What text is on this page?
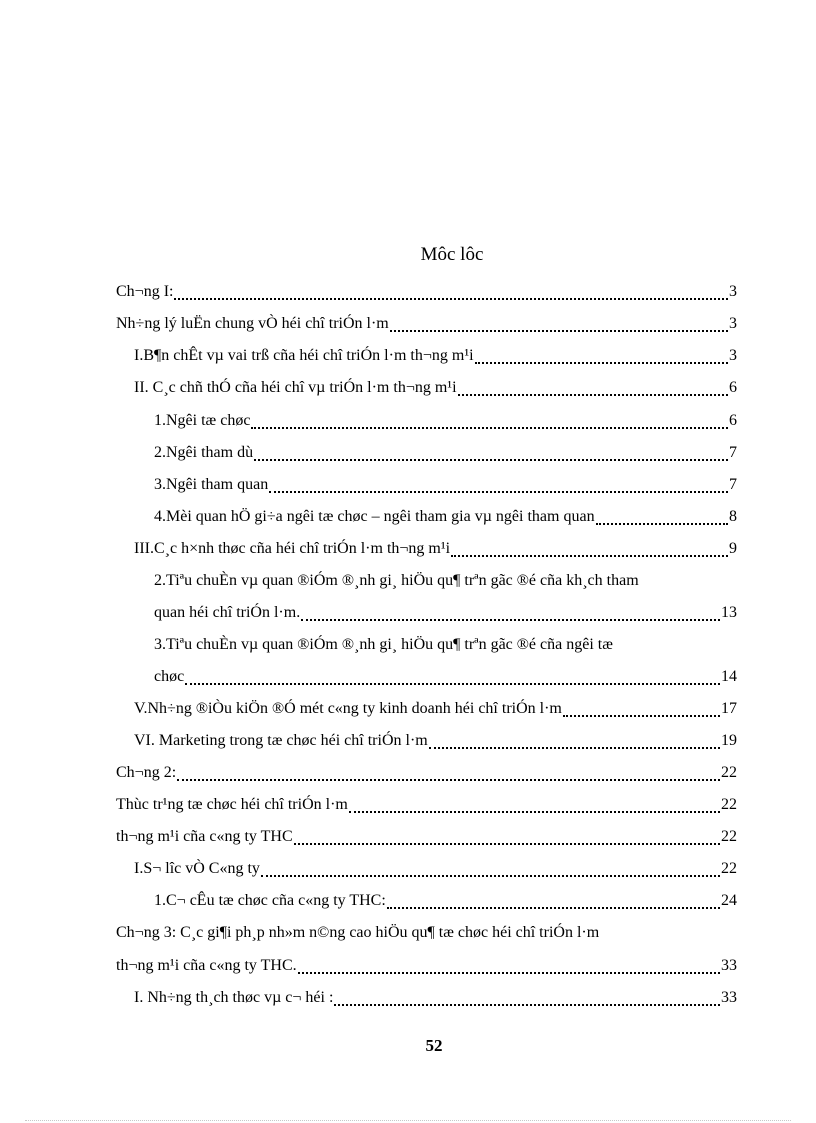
Môc lôc
Ch¬ng I:	3
Nh÷ng lý luËn chung vÒ héi chî triÓn l·m	3
I.B¶n chÊt vµ vai trß cña héi chî triÓn l·m th¬ng m¹i	3
II. C¸c chñ thÓ cña héi chî vµ triÓn l·m th¬ng m¹i	6
1.Ngêi tæ chøc	6
2.Ngêi tham dù	7
3.Ngêi tham quan	7
4.Mèi quan hÖ gi÷a ngêi tæ chøc – ngêi tham gia vµ ngêi tham quan	8
III.C¸c h×nh thøc cña héi chî triÓn l·m th¬ng m¹i	9
2.Tiªu chuÈn vµ quan ®iÓm ®¸nh gi¸ hiÖu qu¶ trªn gãc ®é cña kh¸ch tham
quan héi chî triÓn l·m.	13
3.Tiªu chuÈn vµ quan ®iÓm ®¸nh gi¸ hiÖu qu¶ trªn gãc ®é cña ngêi tæ
chøc	14
V.Nh÷ng ®iÒu kiÖn ®Ó mét c«ng ty kinh doanh héi chî triÓn l·m	17
VI. Marketing trong tæ chøc héi chî triÓn l·m	19
Ch¬ng 2:	22
Thùc tr¹ng tæ chøc héi chî triÓn l·m	22
th¬ng m¹i cña c«ng ty THC	22
I.S¬ lîc vÒ C«ng ty	22
1.C¬ cÊu tæ chøc cña c«ng ty THC:	24
Ch¬ng 3: C¸c gi¶i ph¸p nh»m n©ng cao hiÖu qu¶ tæ chøc héi chî triÓn l·m
th¬ng m¹i cña c«ng ty THC.	33
I. Nh÷ng th¸ch thøc vµ c¬ héi :	33
52
